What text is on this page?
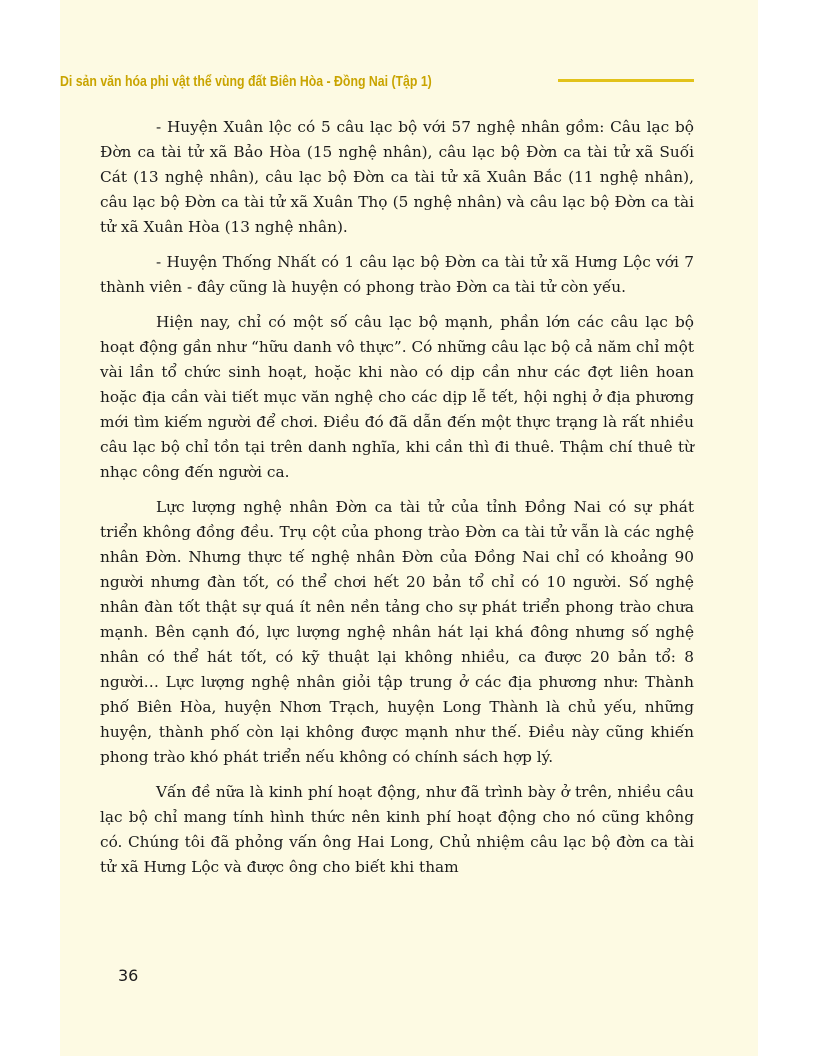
Di sản văn hóa phi vật thể vùng đất Biên Hòa - Đồng Nai (Tập 1)

- Huyện Xuân lộc có 5 câu lạc bộ với 57 nghệ nhân gồm: Câu lạc bộ Đờn ca tài tử xã Bảo Hòa (15 nghệ nhân), câu lạc bộ Đờn ca tài tử xã Suối Cát (13 nghệ nhân), câu lạc bộ Đờn ca tài tử xã Xuân Bắc (11 nghệ nhân), câu lạc bộ Đờn ca tài tử xã Xuân Thọ (5 nghệ nhân) và câu lạc bộ Đờn ca tài tử xã Xuân Hòa (13 nghệ nhân).

- Huyện Thống Nhất có 1 câu lạc bộ Đờn ca tài tử xã Hưng Lộc với 7 thành viên - đây cũng là huyện có phong trào Đờn ca tài tử còn yếu.

Hiện nay, chỉ có một số câu lạc bộ mạnh, phần lớn các câu lạc bộ hoạt động gần như “hữu danh vô thực”. Có những câu lạc bộ cả năm chỉ một vài lần tổ chức sinh hoạt, hoặc khi nào có dịp cần như các đợt liên hoan hoặc địa cần vài tiết mục văn nghệ cho các dịp lễ tết, hội nghị ở địa phương mới tìm kiếm người để chơi. Điều đó đã dẫn đến một thực trạng là rất nhiều câu lạc bộ chỉ tồn tại trên danh nghĩa, khi cần thì đi thuê. Thậm chí thuê từ nhạc công đến người ca.

Lực lượng nghệ nhân Đờn ca tài tử của tỉnh Đồng Nai có sự phát triển không đồng đều. Trụ cột của phong trào Đờn ca tài tử vẫn là các nghệ nhân Đờn. Nhưng thực tế nghệ nhân Đờn của Đồng Nai chỉ có khoảng 90 người nhưng đàn tốt, có thể chơi hết 20 bản tổ chỉ có 10 người. Số nghệ nhân đàn tốt thật sự quá ít nên nền tảng cho sự phát triển phong trào chưa mạnh. Bên cạnh đó, lực lượng nghệ nhân hát lại khá đông nhưng số nghệ nhân có thể hát tốt, có kỹ thuật lại không nhiều, ca được 20 bản tổ: 8 người… Lực lượng nghệ nhân giỏi tập trung ở các địa phương như: Thành phố Biên Hòa, huyện Nhơn Trạch, huyện Long Thành là chủ yếu, những huyện, thành phố còn lại không được mạnh như thế. Điều này cũng khiến phong trào khó phát triển nếu không có chính sách hợp lý.

Vấn đề nữa là kinh phí hoạt động, như đã trình bày ở trên, nhiều câu lạc bộ chỉ mang tính hình thức nên kinh phí hoạt động cho nó cũng không có. Chúng tôi đã phỏng vấn ông Hai Long, Chủ nhiệm câu lạc bộ đờn ca tài tử xã Hưng Lộc và được ông cho biết khi tham

36
